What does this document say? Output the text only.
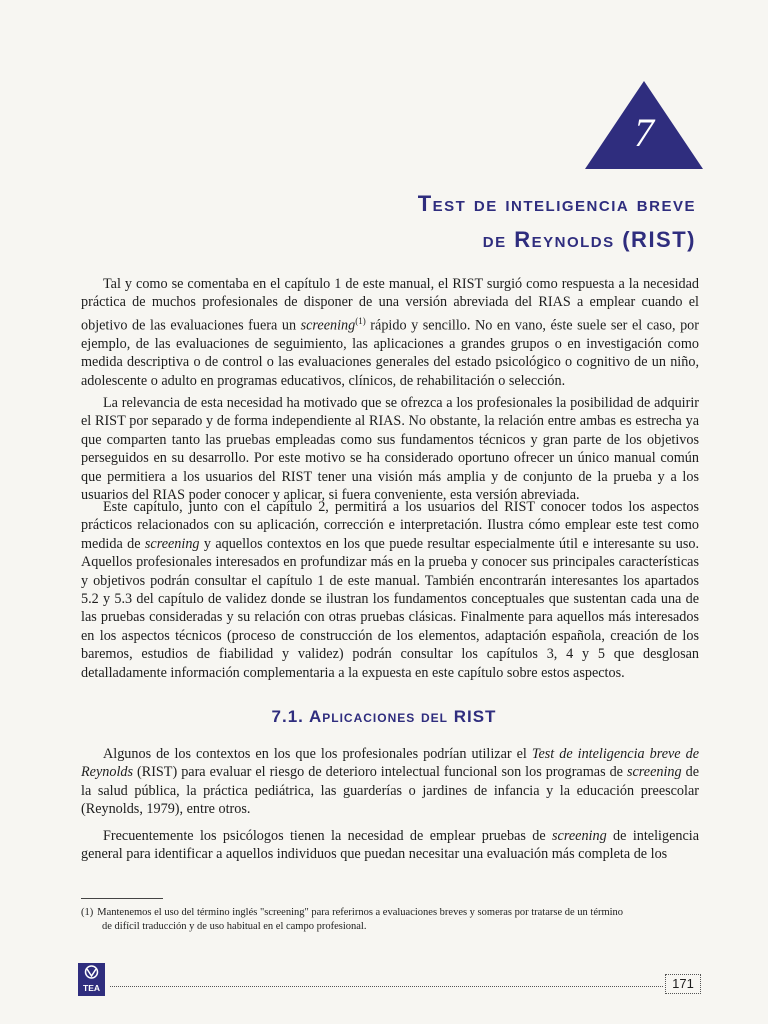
7
Test de inteligencia breve
de Reynolds (RIST)

Tal y como se comentaba en el capítulo 1 de este manual, el RIST surgió como respuesta a la necesidad práctica de muchos profesionales de disponer de una versión abreviada del RIAS a emplear cuando el objetivo de las evaluaciones fuera un screening$^{(1)}$ rápido y sencillo. No en vano, éste suele ser el caso, por ejemplo, de las evaluaciones de seguimiento, las aplicaciones a grandes grupos o en investigación como medida descriptiva o de control o las evaluaciones generales del estado psicológico o cognitivo de un niño, adolescente o adulto en programas educativos, clínicos, de rehabilitación o selección.

La relevancia de esta necesidad ha motivado que se ofrezca a los profesionales la posibilidad de adquirir el RIST por separado y de forma independiente al RIAS. No obstante, la relación entre ambas es estrecha ya que comparten tanto las pruebas empleadas como sus fundamentos técnicos y gran parte de los objetivos perseguidos en su desarrollo. Por este motivo se ha considerado oportuno ofrecer un único manual común que permitiera a los usuarios del RIST tener una visión más amplia y de conjunto de la prueba y a los usuarios del RIAS poder conocer y aplicar, si fuera conveniente, esta versión abreviada.

Este capítulo, junto con el capítulo 2, permitirá a los usuarios del RIST conocer todos los aspectos prácticos relacionados con su aplicación, corrección e interpretación. Ilustra cómo emplear este test como medida de screening y aquellos contextos en los que puede resultar especialmente útil e interesante su uso. Aquellos profesionales interesados en profundizar más en la prueba y conocer sus principales características y objetivos podrán consultar el capítulo 1 de este manual. También encontrarán interesantes los apartados 5.2 y 5.3 del capítulo de validez donde se ilustran los fundamentos conceptuales que sustentan cada una de las pruebas consideradas y su relación con otras pruebas clásicas. Finalmente para aquellos más interesados en los aspectos técnicos (proceso de construcción de los elementos, adaptación española, creación de los baremos, estudios de fiabilidad y validez) podrán consultar los capítulos 3, 4 y 5 que desglosan detalladamente información complementaria a la expuesta en este capítulo sobre estos aspectos.

7.1. Aplicaciones del RIST

Algunos de los contextos en los que los profesionales podrían utilizar el Test de inteligencia breve de Reynolds (RIST) para evaluar el riesgo de deterioro intelectual funcional son los programas de screening de la salud pública, la práctica pediátrica, las guarderías o jardines de infancia y la educación preescolar (Reynolds, 1979), entre otros.

Frecuentemente los psicólogos tienen la necesidad de emplear pruebas de screening de inteligencia general para identificar a aquellos individuos que puedan necesitar una evaluación más completa de los

(1) Mantenemos el uso del término inglés "screening" para referirnos a evaluaciones breves y someras por tratarse de un término
de difícil traducción y de uso habitual en el campo profesional.

TEA	171
